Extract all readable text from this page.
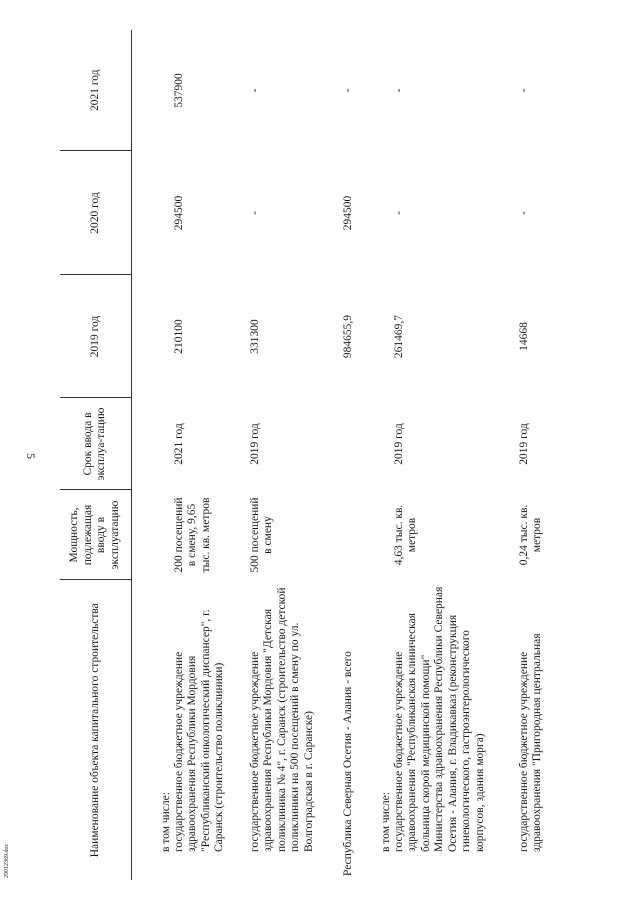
5
29012369.doc
Наименование объекта капитального строительства	Мощность, подлежащая вводу в эксплуатацию	Срок ввода в эксплуа-тацию	2019 год	2020 год	2021 год
в том числе:					
государственное бюджетное учреждение здравоохранения Республики Мордовия "Республиканский онкологический диспансер", г. Саранск (строительство поликлиники)	200 посещений в смену, 9,65 тыс. кв. метров	2021 год	210100	294500	537900
государственное бюджетное учреждение здравоохранения Республики Мордовия "Детская поликлиника № 4", г. Саранск (строительство детской поликлиники на 500 посещений в смену по ул. Волгоградская в г. Саранске)	500 посещений в смену	2019 год	331300	-	-
Республика Северная Осетия - Алания - всего			984655,9	294500	-
в том числе:					
государственное бюджетное учреждение здравоохранения "Республиканская клиническая больница скорой медицинской помощи" Министерства здравоохранения Республики Северная Осетия - Алания, г. Владикавказ (реконструкция гинекологического, гастроэнтерологического корпусов, здания морга)	4,63 тыс. кв. метров	2019 год	261469,7	-	-
государственное бюджетное учреждение здравоохранения "Пригородная центральная	0,24 тыс. кв. метров	2019 год	14668	-	-
